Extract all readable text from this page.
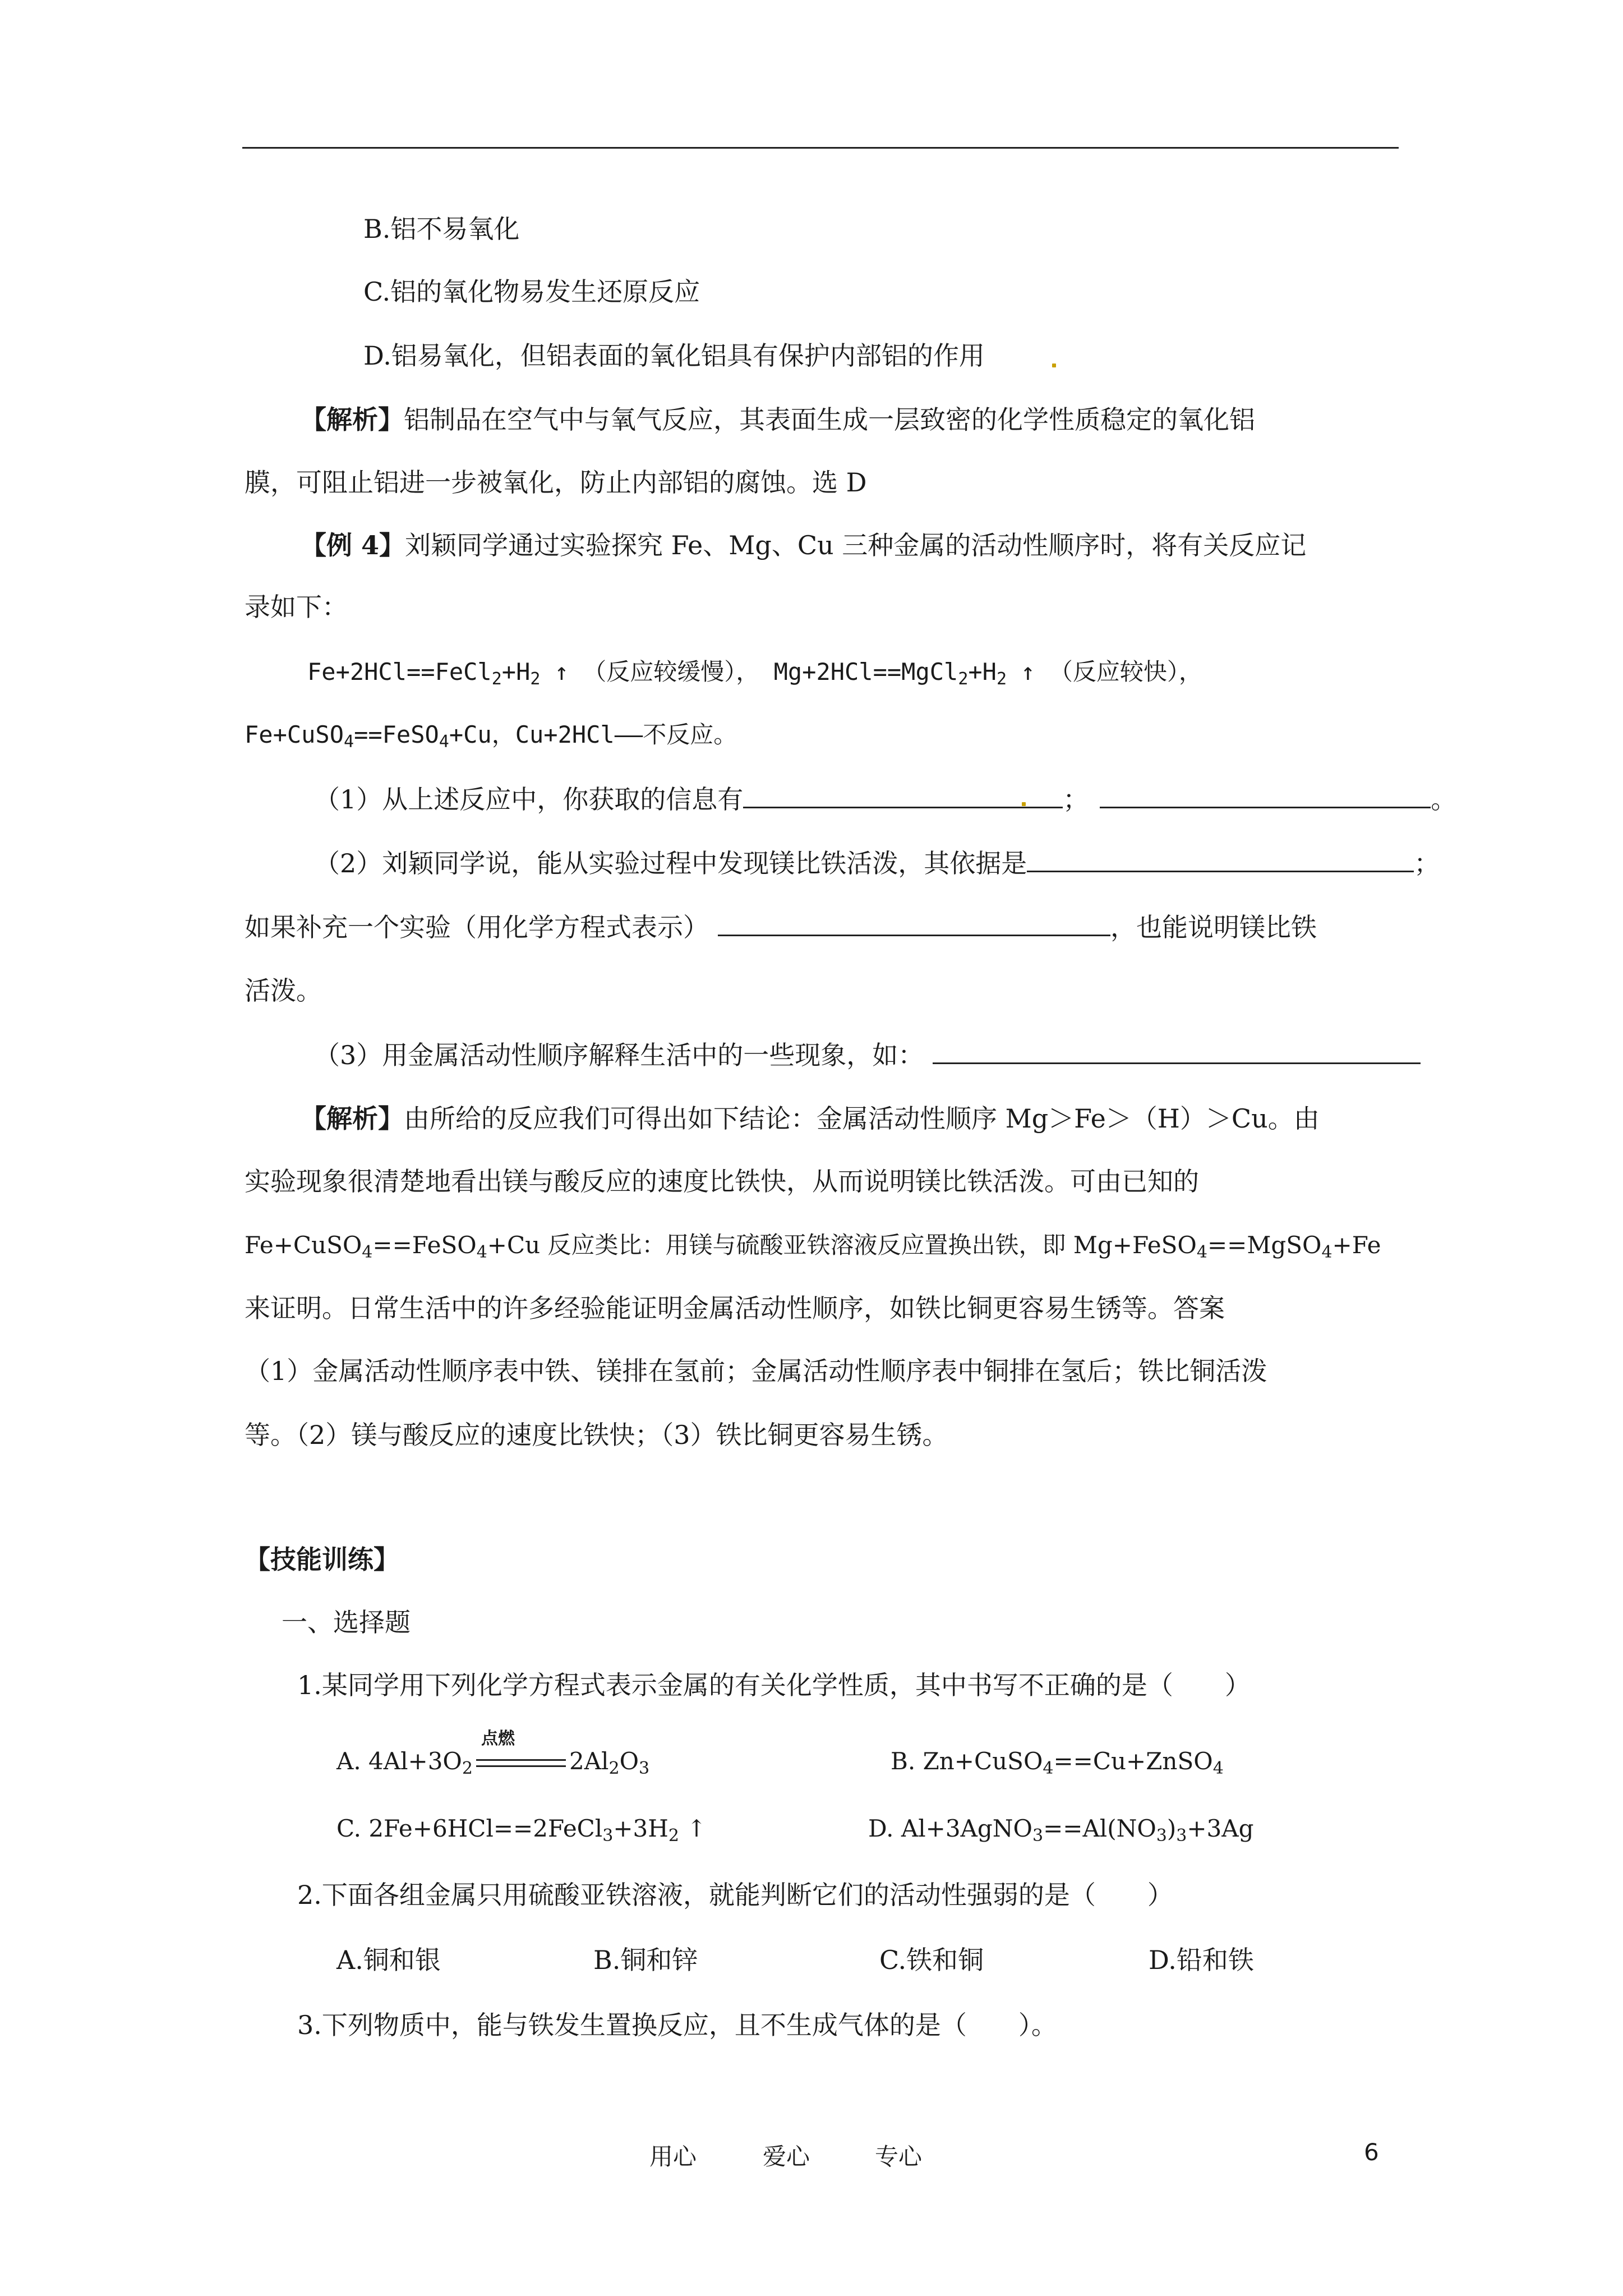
B.铝不易氧化
C.铝的氧化物易发生还原反应
D.铝易氧化，但铝表面的氧化铝具有保护内部铝的作用
【解析】铝制品在空气中与氧气反应，其表面生成一层致密的化学性质稳定的氧化铝
膜，可阻止铝进一步被氧化，防止内部铝的腐蚀。选 D
【例 4】刘颖同学通过实验探究 Fe、Mg、Cu 三种金属的活动性顺序时，将有关反应记
录如下：
$Fe+2HCl==FeCl_2+H_2$ ↑ （反应较缓慢）， $Mg+2HCl==MgCl_2+H_2$ ↑ （反应较快），
Fe+CuSO$_4$==FeSO$_4$+Cu，Cu+2HCl——不反应。
（1）从上述反应中，你获取的信息有	；	。
（2）刘颖同学说，能从实验过程中发现镁比铁活泼，其依据是	；
如果补充一个实验（用化学方程式表示）	，也能说明镁比铁
活泼。
（3）用金属活动性顺序解释生活中的一些现象，如：
【解析】由所给的反应我们可得出如下结论：金属活动性顺序 Mg＞Fe＞（H）＞Cu。由
实验现象很清楚地看出镁与酸反应的速度比铁快，从而说明镁比铁活泼。可由已知的
Fe+CuSO$_4$==FeSO$_4$+Cu 反应类比：用镁与硫酸亚铁溶液反应置换出铁，即 Mg+FeSO$_4$==MgSO$_4$+Fe
来证明。日常生活中的许多经验能证明金属活动性顺序，如铁比铜更容易生锈等。答案
（1）金属活动性顺序表中铁、镁排在氢前；金属活动性顺序表中铜排在氢后；铁比铜活泼
等。（2）镁与酸反应的速度比铁快；（3）铁比铜更容易生锈。
【技能训练】
一、选择题
1.某同学用下列化学方程式表示金属的有关化学性质，其中书写不正确的是（　　）
A. $4Al+3O_2$	$2Al_2O_3$
点燃
B. Zn+CuSO$_4$==Cu+ZnSO$_4$
C. $2Fe+6HCl==2FeCl_3+3H_2$ ↑	D. $Al+3AgNO_3==Al(NO_3)_3+3Ag$
2.下面各组金属只用硫酸亚铁溶液，就能判断它们的活动性强弱的是（　　）
A.铜和银	B.铜和锌	C.铁和铜	D.铅和铁
3.下列物质中，能与铁发生置换反应，且不生成气体的是（　　）。
用心	爱心	专心	6
